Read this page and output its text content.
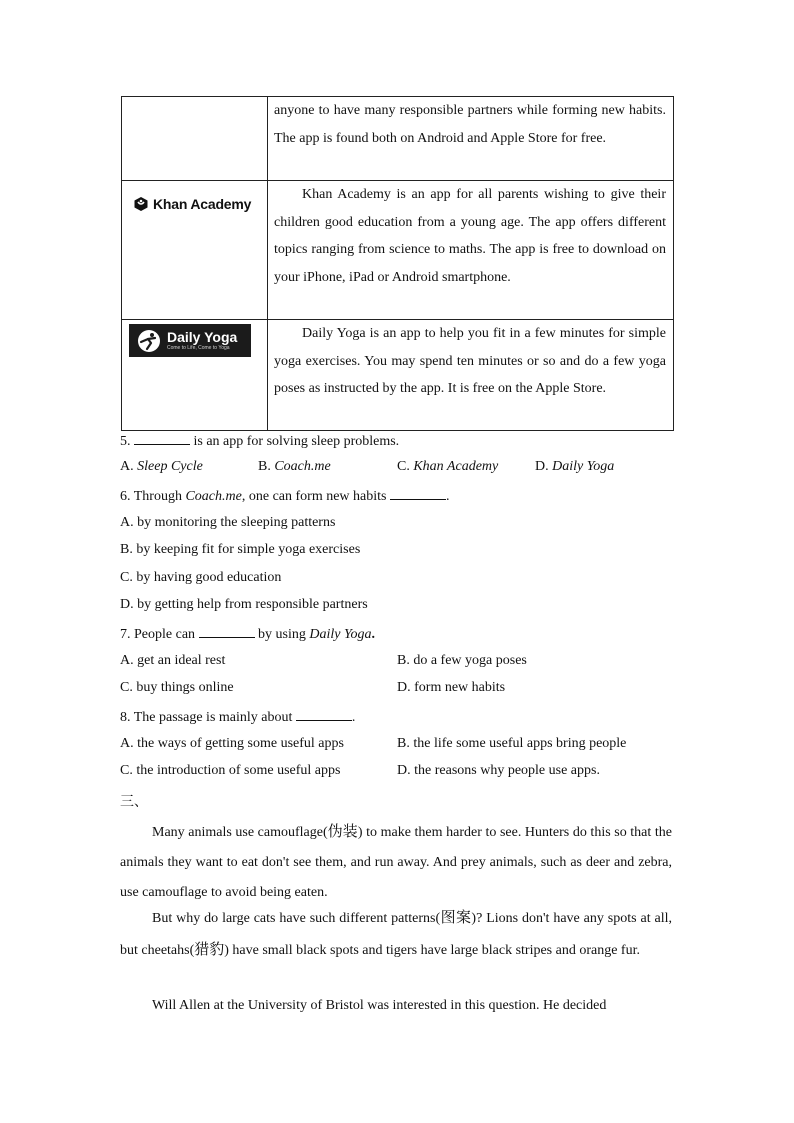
	anyone to have many responsible partners while forming new habits. The app is found both on Android and Apple Store for free.

Khan Academy	Khan Academy is an app for all parents wishing to give their children good education from a young age. The app offers different topics ranging from science to maths. The app is free to download on your iPhone, iPad or Android smartphone.

Daily Yoga
Come to Life, Come to Yoga	Daily Yoga is an app to help you fit in a few minutes for simple yoga exercises. You may spend ten minutes or so and do a few yoga poses as instructed by the app. It is free on the Apple Store.
5.	is an app for solving sleep problems.
A. Sleep Cycle	B. Coach.me	C. Khan Academy	D. Daily Yoga
6. Through Coach.me, one can form new habits	.
A. by monitoring the sleeping patterns
B. by keeping fit for simple yoga exercises
C. by having good education
D. by getting help from responsible partners
7. People can	by using Daily Yoga.
A. get an ideal rest	B. do a few yoga poses
C. buy things online	D. form new habits
8. The passage is mainly about	.
A. the ways of getting some useful apps	B. the life some useful apps bring people
C. the introduction of some useful apps	D. the reasons why people use apps.
三、
Many animals use camouflage(伪装) to make them harder to see. Hunters do this so that the animals they want to eat don't see them, and run away. And prey animals, such as deer and zebra, use camouflage to avoid being eaten.
But why do large cats have such different patterns(图案)? Lions don't have any spots at all, but cheetahs(猎豹) have small black spots and tigers have large black stripes and orange fur.
Will Allen at the University of Bristol was interested in this question. He decided
